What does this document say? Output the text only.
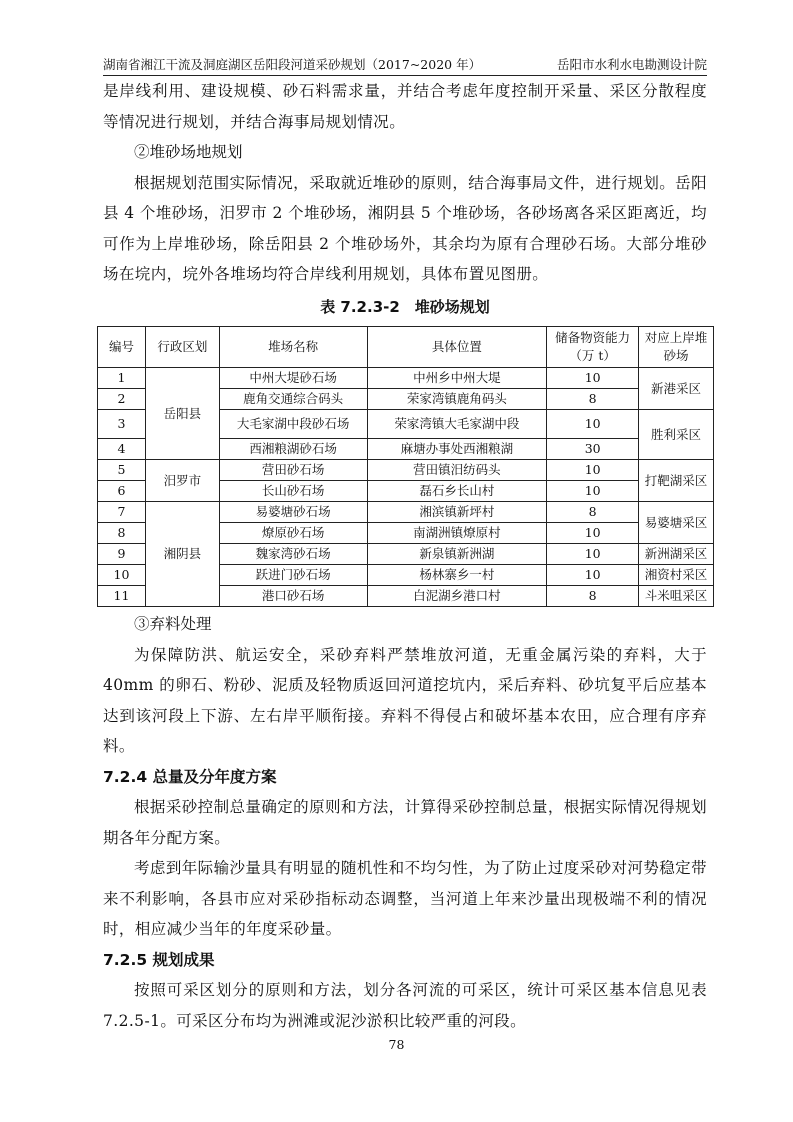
湖南省湘江干流及洞庭湖区岳阳段河道采砂规划（2017~2020 年）	岳阳市水利水电勘测设计院

是岸线利用、建设规模、砂石料需求量，并结合考虑年度控制开采量、采区分散程度等情况进行规划，并结合海事局规划情况。

②堆砂场地规划

根据规划范围实际情况，采取就近堆砂的原则，结合海事局文件，进行规划。岳阳县 4 个堆砂场，汨罗市 2 个堆砂场，湘阴县 5 个堆砂场，各砂场离各采区距离近，均可作为上岸堆砂场，除岳阳县 2 个堆砂场外，其余均为原有合理砂石场。大部分堆砂场在垸内，垸外各堆场均符合岸线利用规划，具体布置见图册。

表 7.2.3-2　堆砂场规划
编号	行政区划	堆场名称	具体位置	储备物资能力（万 t）	对应上岸堆砂场
1	岳阳县	中州大堤砂石场	中州乡中州大堤	10	新港采区
2		鹿角交通综合码头	荣家湾镇鹿角码头	8	
3		大毛家湖中段砂石场	荣家湾镇大毛家湖中段	10	胜利采区
4		西湘粮湖砂石场	麻塘办事处西湘粮湖	30	
5	汨罗市	营田砂石场	营田镇汨纺码头	10	打靶湖采区
6		长山砂石场	磊石乡长山村	10	
7	湘阴县	易婆塘砂石场	湘滨镇新坪村	8	易婆塘采区
8		燎原砂石场	南湖洲镇燎原村	10	
9		魏家湾砂石场	新泉镇新洲湖	10	新洲湖采区
10		跃进门砂石场	杨林寨乡一村	10	湘资村采区
11		港口砂石场	白泥湖乡港口村	8	斗米咀采区

③弃料处理

为保障防洪、航运安全，采砂弃料严禁堆放河道，无重金属污染的弃料，大于 40mm 的卵石、粉砂、泥质及轻物质返回河道挖坑内，采后弃料、砂坑复平后应基本达到该河段上下游、左右岸平顺衔接。弃料不得侵占和破坏基本农田，应合理有序弃料。

7.2.4 总量及分年度方案

根据采砂控制总量确定的原则和方法，计算得采砂控制总量，根据实际情况得规划期各年分配方案。

考虑到年际输沙量具有明显的随机性和不均匀性，为了防止过度采砂对河势稳定带来不利影响，各县市应对采砂指标动态调整，当河道上年来沙量出现极端不利的情况时，相应减少当年的年度采砂量。

7.2.5 规划成果

按照可采区划分的原则和方法，划分各河流的可采区，统计可采区基本信息见表 7.2.5-1。可采区分布均为洲滩或泥沙淤积比较严重的河段。

78
